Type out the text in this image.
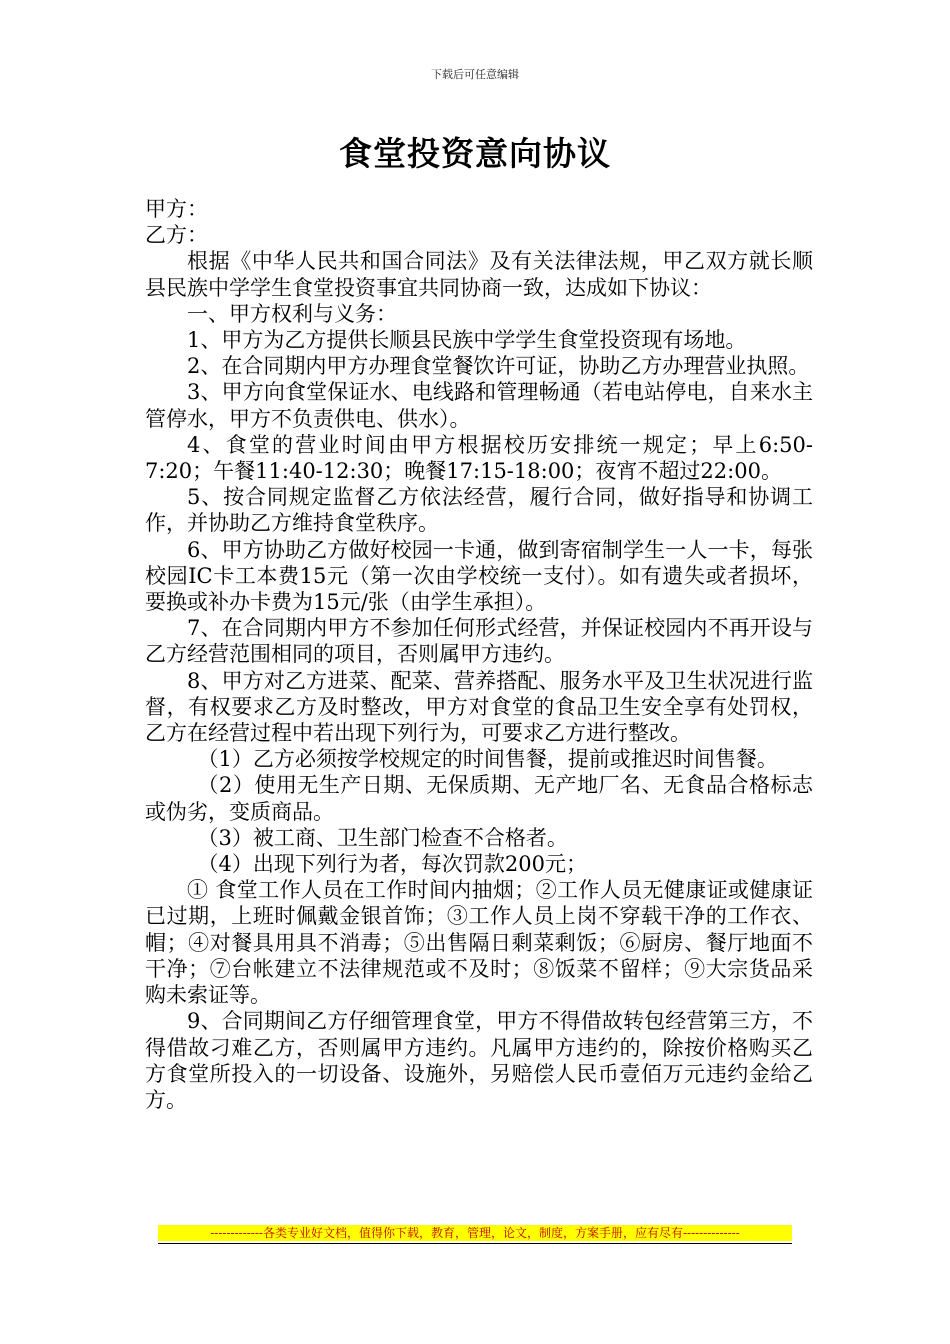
下载后可任意编辑
食堂投资意向协议

甲方：

乙方：

根据《中华人民共和国合同法》及有关法律法规，甲乙双方就长顺县民族中学学生食堂投资事宜共同协商一致，达成如下协议：

一、甲方权利与义务：

1、甲方为乙方提供长顺县民族中学学生食堂投资现有场地。

2、在合同期内甲方办理食堂餐饮许可证，协助乙方办理营业执照。

3、甲方向食堂保证水、电线路和管理畅通（若电站停电，自来水主管停水，甲方不负责供电、供水）。

4、食堂的营业时间由甲方根据校历安排统一规定；早上6:50-7:20；午餐11:40-12:30；晚餐17:15-18:00；夜宵不超过22:00。

5、按合同规定监督乙方依法经营，履行合同，做好指导和协调工作，并协助乙方维持食堂秩序。

6、甲方协助乙方做好校园一卡通，做到寄宿制学生一人一卡，每张校园IC卡工本费15元（第一次由学校统一支付）。如有遗失或者损坏，要换或补办卡费为15元/张（由学生承担）。

7、在合同期内甲方不参加任何形式经营，并保证校园内不再开设与乙方经营范围相同的项目，否则属甲方违约。

8、甲方对乙方进菜、配菜、营养搭配、服务水平及卫生状况进行监督，有权要求乙方及时整改，甲方对食堂的食品卫生安全享有处罚权，乙方在经营过程中若出现下列行为，可要求乙方进行整改。

（1）乙方必须按学校规定的时间售餐，提前或推迟时间售餐。

（2）使用无生产日期、无保质期、无产地厂名、无食品合格标志或伪劣，变质商品。

（3）被工商、卫生部门检查不合格者。

（4）出现下列行为者，每次罚款200元；

① 食堂工作人员在工作时间内抽烟；②工作人员无健康证或健康证已过期，上班时佩戴金银首饰；③工作人员上岗不穿载干净的工作衣、帽；④对餐具用具不消毒；⑤出售隔日剩菜剩饭；⑥厨房、餐厅地面不干净；⑦台帐建立不法律规范或不及时；⑧饭菜不留样；⑨大宗货品采购未索证等。

9、合同期间乙方仔细管理食堂，甲方不得借故转包经营第三方，不得借故刁难乙方，否则属甲方违约。凡属甲方违约的，除按价格购买乙方食堂所投入的一切设备、设施外，另赔偿人民币壹佰万元违约金给乙方。

-------------各类专业好文档，值得你下载，教育，管理，论文，制度，方案手册，应有尽有--------------
